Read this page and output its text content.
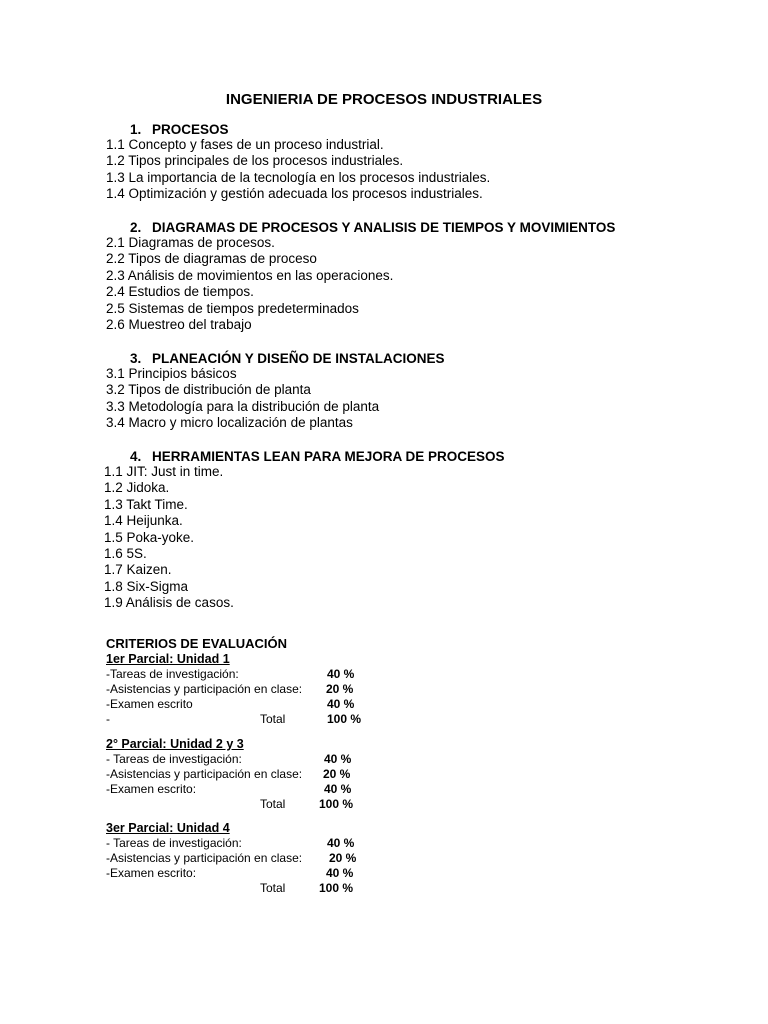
INGENIERIA DE PROCESOS INDUSTRIALES
1. PROCESOS
1.1 Concepto y fases de un proceso industrial.
1.2 Tipos principales de los procesos industriales.
1.3 La importancia de la tecnología en los procesos industriales.
1.4 Optimización y gestión adecuada los procesos industriales.
2. DIAGRAMAS DE PROCESOS Y ANALISIS DE TIEMPOS Y MOVIMIENTOS
2.1 Diagramas de procesos.
2.2 Tipos de diagramas de proceso
2.3 Análisis de movimientos en las operaciones.
2.4 Estudios de tiempos.
2.5 Sistemas de tiempos predeterminados
2.6 Muestreo del trabajo
3. PLANEACIÓN Y DISEÑO DE INSTALACIONES
3.1 Principios básicos
3.2 Tipos de distribución de planta
3.3 Metodología para la distribución de planta
3.4 Macro y micro localización de plantas
4. HERRAMIENTAS LEAN PARA MEJORA DE PROCESOS
1.1 JIT: Just in time.
1.2 Jidoka.
1.3 Takt Time.
1.4 Heijunka.
1.5 Poka-yoke.
1.6 5S.
1.7 Kaizen.
1.8 Six-Sigma
1.9 Análisis de casos.
CRITERIOS DE EVALUACIÓN
1er Parcial: Unidad 1
-Tareas de investigación:	40 %
-Asistencias y participación en clase: 20 %
-Examen escrito	40 %
-	Total	100 %
2° Parcial: Unidad 2 y 3
- Tareas de investigación:	40 %
-Asistencias y participación en clase: 20 %
-Examen escrito:	40 %
Total	100 %
3er Parcial: Unidad 4
- Tareas de investigación:	40 %
-Asistencias y participación en clase: 20 %
-Examen escrito:	40 %
Total	100 %
